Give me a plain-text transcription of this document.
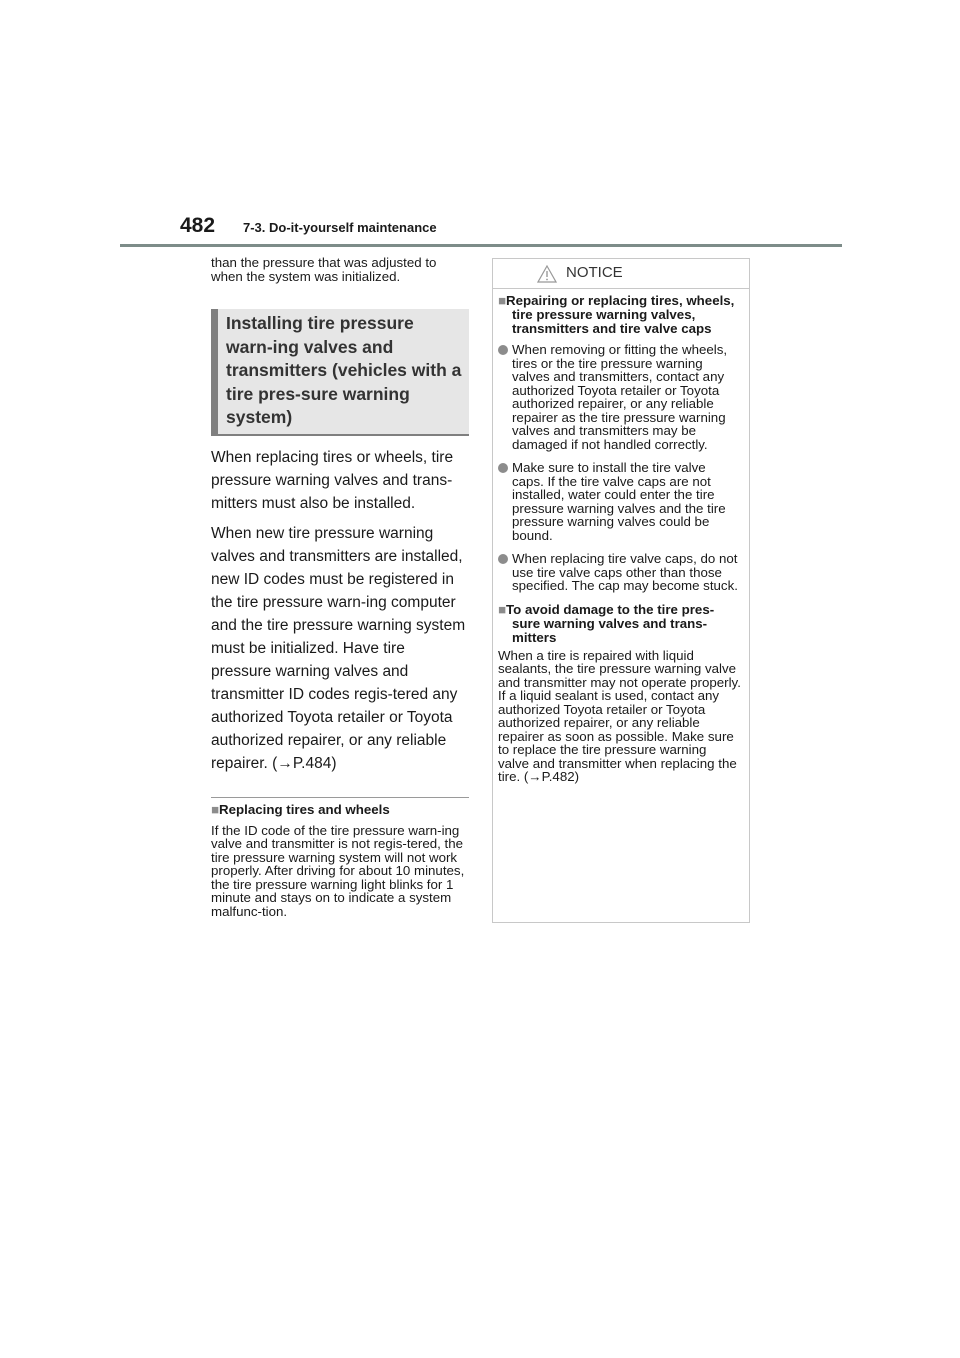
482 7-3. Do-it-yourself maintenance

than the pressure that was adjusted to when the system was initialized.

Installing tire pressure warn-ing valves and transmitters (vehicles with a tire pres-sure warning system)

When replacing tires or wheels, tire pressure warning valves and trans-mitters must also be installed.

When new tire pressure warning valves and transmitters are installed, new ID codes must be registered in the tire pressure warn-ing computer and the tire pressure warning system must be initialized. Have tire pressure warning valves and transmitter ID codes regis-tered any authorized Toyota retailer or Toyota authorized repairer, or any reliable repairer. (→P.484)

■Replacing tires and wheels

If the ID code of the tire pressure warn-ing valve and transmitter is not regis-tered, the tire pressure warning system will not work properly. After driving for about 10 minutes, the tire pressure warning light blinks for 1 minute and stays on to indicate a system malfunc-tion.

NOTICE

■Repairing or replacing tires, wheels, tire pressure warning valves, transmitters and tire valve caps

When removing or fitting the wheels, tires or the tire pressure warning valves and transmitters, contact any authorized Toyota retailer or Toyota authorized repairer, or any reliable repairer as the tire pressure warning valves and transmitters may be damaged if not handled correctly.

Make sure to install the tire valve caps. If the tire valve caps are not installed, water could enter the tire pressure warning valves and the tire pressure warning valves could be bound.

When replacing tire valve caps, do not use tire valve caps other than those specified. The cap may become stuck.

■To avoid damage to the tire pres-sure warning valves and trans-mitters

When a tire is repaired with liquid sealants, the tire pressure warning valve and transmitter may not operate properly. If a liquid sealant is used, contact any authorized Toyota retailer or Toyota authorized repairer, or any reliable repairer as soon as possible. Make sure to replace the tire pressure warning valve and transmitter when replacing the tire. (→P.482)
